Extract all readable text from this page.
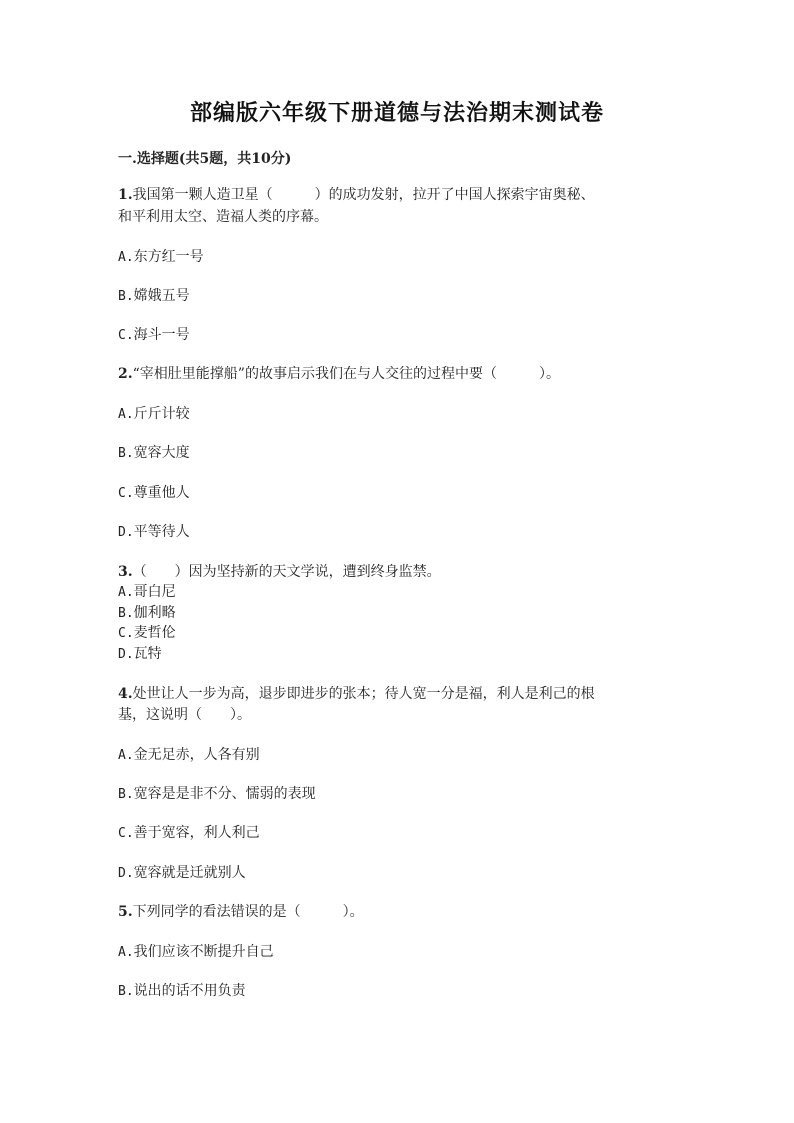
部编版六年级下册道德与法治期末测试卷
一.选择题(共5题，共10分)
1.我国第一颗人造卫星（　　　）的成功发射，拉开了中国人探索宇宙奥秘、
和平利用太空、造福人类的序幕。
A.东方红一号
B.嫦娥五号
C.海斗一号
2.“宰相肚里能撑船”的故事启示我们在与人交往的过程中要（　　　）。
A.斤斤计较
B.宽容大度
C.尊重他人
D.平等待人
3.（　　）因为坚持新的天文学说，遭到终身监禁。
A.哥白尼
B.伽利略
C.麦哲伦
D.瓦特
4.处世让人一步为高，退步即进步的张本；待人宽一分是福，利人是利己的根
基，这说明（　　）。
A.金无足赤，人各有别
B.宽容是是非不分、懦弱的表现
C.善于宽容，利人利己
D.宽容就是迁就别人
5.下列同学的看法错误的是（　　　）。
A.我们应该不断提升自己
B.说出的话不用负责
